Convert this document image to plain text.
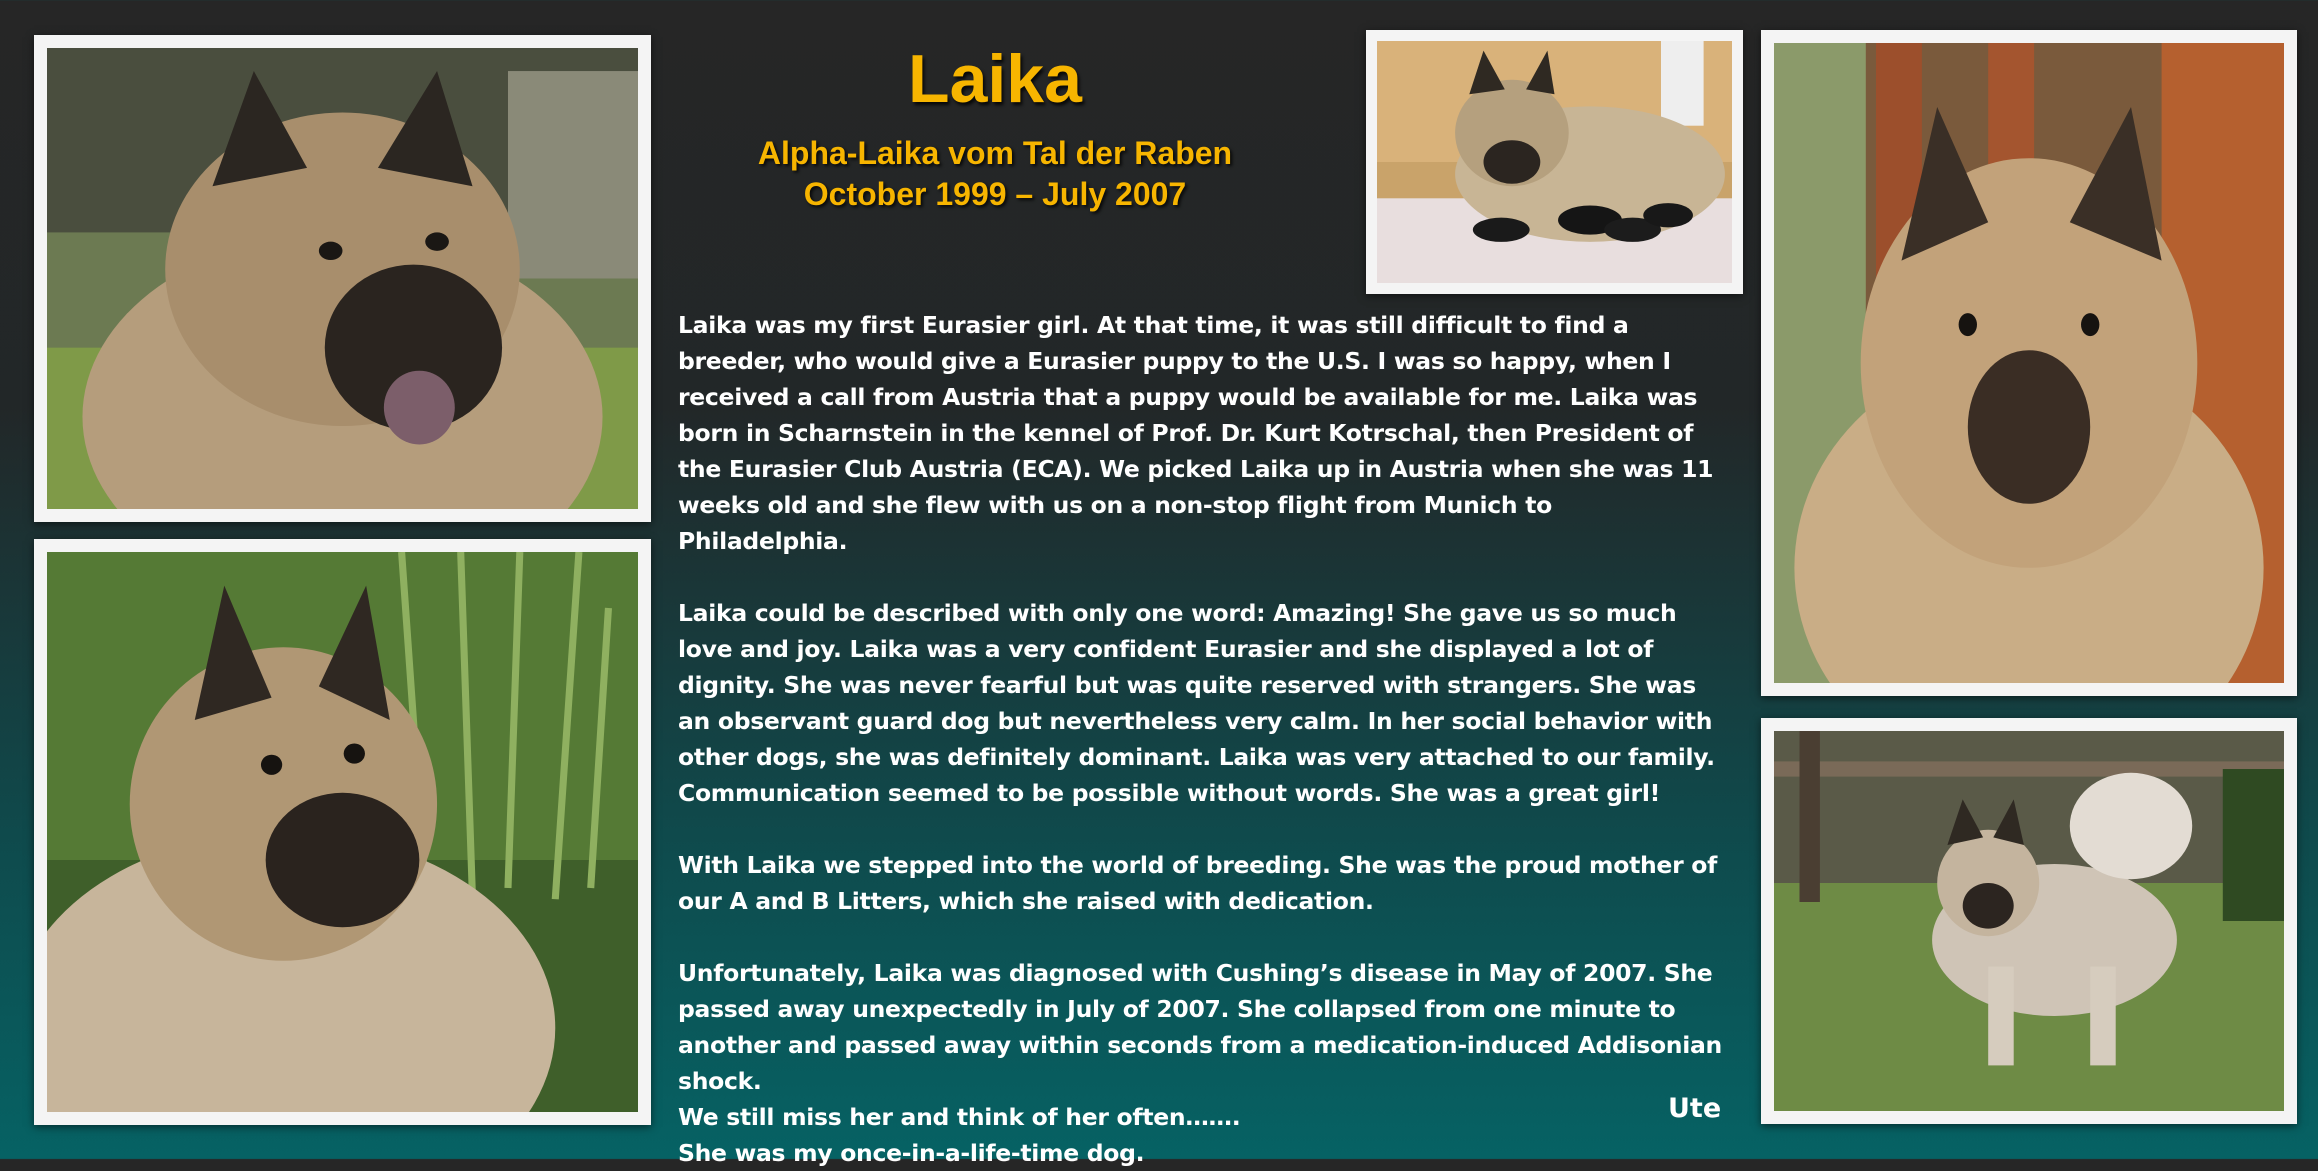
Laika
Alpha-Laika vom Tal der Raben
October 1999 – July 2007

Laika was my first Eurasier girl. At that time, it was still difficult to find a breeder, who would give a Eurasier puppy to the U.S. I was so happy, when I received a call from Austria that a puppy would be available for me. Laika was born in Scharnstein in the kennel of Prof. Dr. Kurt Kotrschal, then President of the Eurasier Club Austria (ECA). We picked Laika up in Austria when she was 11 weeks old and she flew with us on a non-stop flight from Munich to Philadelphia.

Laika could be described with only one word: Amazing! She gave us so much love and joy. Laika was a very confident Eurasier and she displayed a lot of dignity. She was never fearful but was quite reserved with strangers. She was an observant guard dog but nevertheless very calm. In her social behavior with other dogs, she was definitely dominant. Laika was very attached to our family. Communication seemed to be possible without words. She was a great girl!

With Laika we stepped into the world of breeding. She was the proud mother of our A and B Litters, which she raised with dedication.

Unfortunately, Laika was diagnosed with Cushing’s disease in May of 2007. She passed away unexpectedly in July of 2007. She collapsed from one minute to another and passed away within seconds from a medication-induced Addisonian shock.

We still miss her and think of her often…….
She was my once-in-a-life-time dog.
Ute
